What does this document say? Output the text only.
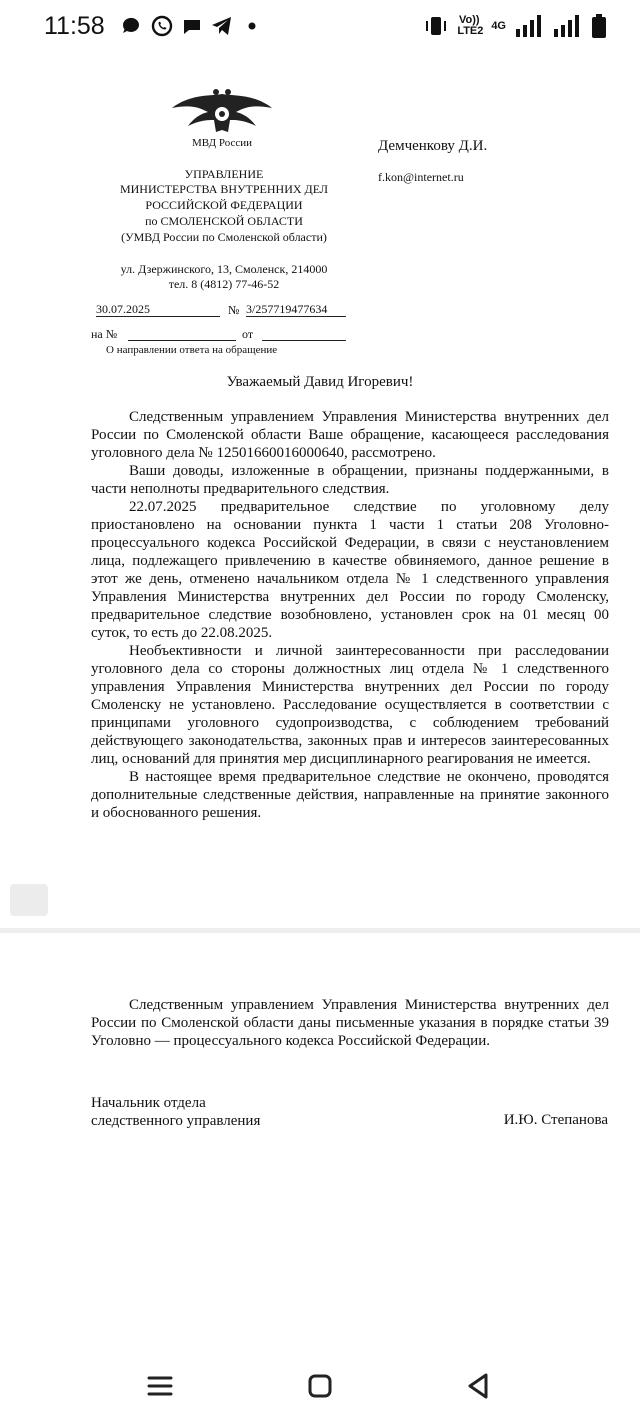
11:58	Vo)) LTE2 4G
МВД России
УПРАВЛЕНИЕ
МИНИСТЕРСТВА ВНУТРЕННИХ ДЕЛ
РОССИЙСКОЙ ФЕДЕРАЦИИ
по СМОЛЕНСКОЙ ОБЛАСТИ
(УМВД России по Смоленской области)
ул. Дзержинского, 13, Смоленск, 214000
тел. 8 (4812) 77-46-52
30.07.2025	№ 3/257719477634
на №	от
О направлении ответа на обращение
Демченкову Д.И.
f.kon@internet.ru
Уважаемый Давид Игоревич!

Следственным управлением Управления Министерства внутренних дел России по Смоленской области Ваше обращение, касающееся расследования уголовного дела № 12501660016000640, рассмотрено.

Ваши доводы, изложенные в обращении, признаны поддержанными, в части неполноты предварительного следствия.

22.07.2025 предварительное следствие по уголовному делу приостановлено на основании пункта 1 части 1 статьи 208 Уголовно-процессуального кодекса Российской Федерации, в связи с неустановлением лица, подлежащего привлечению в качестве обвиняемого, данное решение в этот же день, отменено начальником отдела № 1 следственного управления Управления Министерства внутренних дел России по городу Смоленску, предварительное следствие возобновлено, установлен срок на 01 месяц 00 суток, то есть до 22.08.2025.

Необъективности и личной заинтересованности при расследовании уголовного дела со стороны должностных лиц отдела № 1 следственного управления Управления Министерства внутренних дел России по городу Смоленску не установлено. Расследование осуществляется в соответствии с принципами уголовного судопроизводства, с соблюдением требований действующего законодательства, законных прав и интересов заинтересованных лиц, оснований для принятия мер дисциплинарного реагирования не имеется.

В настоящее время предварительное следствие не окончено, проводятся дополнительные следственные действия, направленные на принятие законного и обоснованного решения.

Следственным управлением Управления Министерства внутренних дел России по Смоленской области даны письменные указания в порядке статьи 39 Уголовно — процессуального кодекса Российской Федерации.

Начальник отдела
следственного управления	И.Ю. Степанова
